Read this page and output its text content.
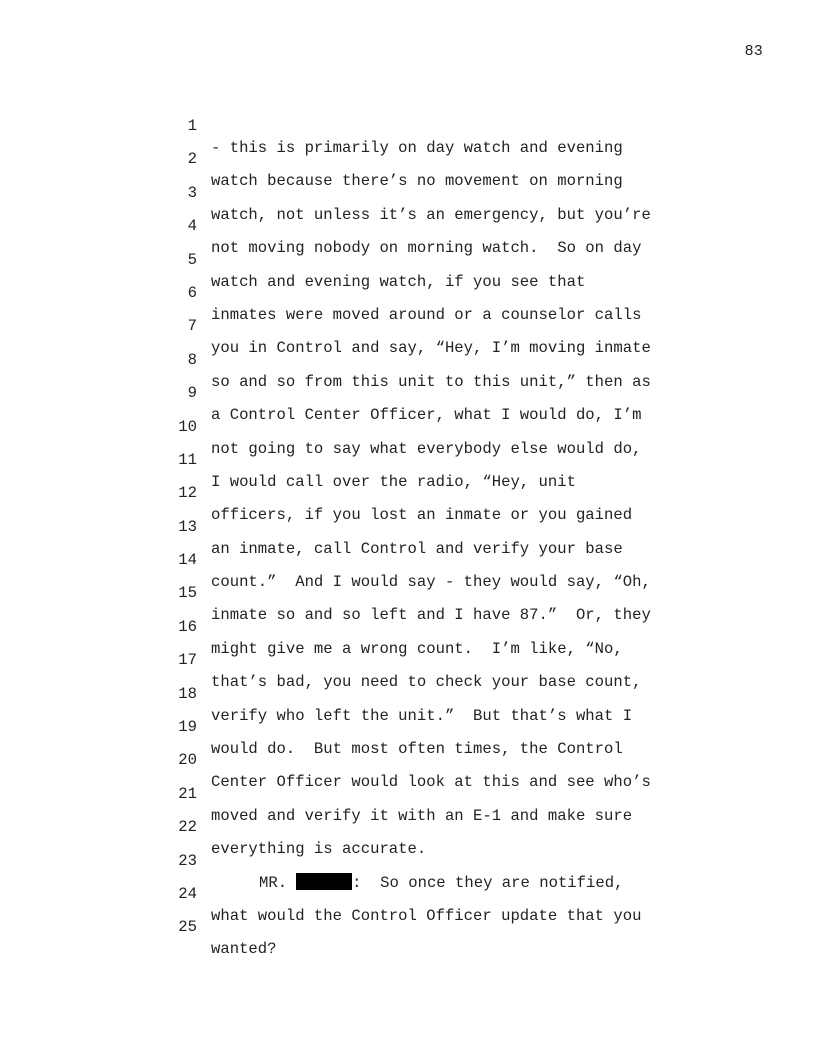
83

1

- this is primarily on day watch and evening

2

watch because there’s no movement on morning

3

watch, not unless it’s an emergency, but you’re

4

not moving nobody on morning watch.  So on day

5

watch and evening watch, if you see that

6

inmates were moved around or a counselor calls

7

you in Control and say, “Hey, I’m moving inmate

8

so and so from this unit to this unit,” then as

9

a Control Center Officer, what I would do, I’m

10

not going to say what everybody else would do,

11

I would call over the radio, “Hey, unit

12

officers, if you lost an inmate or you gained

13

an inmate, call Control and verify your base

14

count.”  And I would say - they would say, “Oh,

15

inmate so and so left and I have 87.”  Or, they

16

might give me a wrong count.  I’m like, “No,

17

that’s bad, you need to check your base count,

18

verify who left the unit.”  But that’s what I

19

would do.  But most often times, the Control

20

Center Officer would look at this and see who’s

21

moved and verify it with an E-1 and make sure

22

everything is accurate.

23

MR.	:  So once they are notified,

24

what would the Control Officer update that you

25

wanted?
